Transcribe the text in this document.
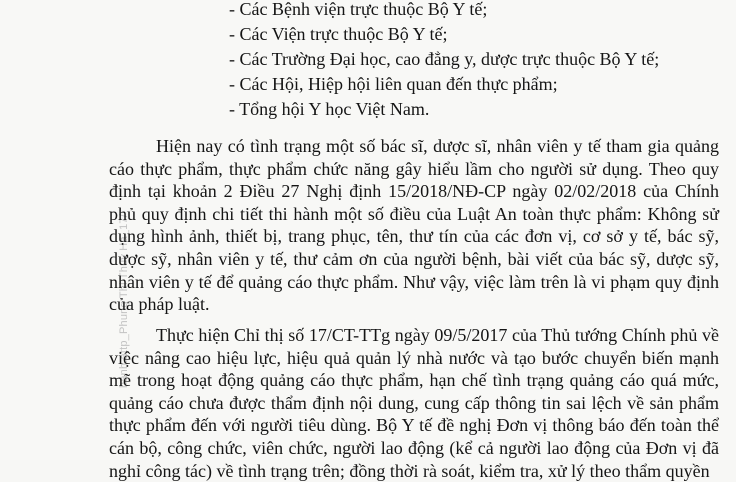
hanh.attp_Phung Thi Thuy Ha_17/
- Các Bệnh viện trực thuộc Bộ Y tế;
- Các Viện trực thuộc Bộ Y tế;
- Các Trường Đại học, cao đẳng y, dược trực thuộc Bộ Y tế;
- Các Hội, Hiệp hội liên quan đến thực phẩm;
- Tổng hội Y học Việt Nam.
Hiện nay có tình trạng một số bác sĩ, dược sĩ, nhân viên y tế tham gia quảng cáo thực phẩm, thực phẩm chức năng gây hiểu lầm cho người sử dụng. Theo quy định tại khoản 2 Điều 27 Nghị định 15/2018/NĐ-CP ngày 02/02/2018 của Chính phủ quy định chi tiết thi hành một số điều của Luật An toàn thực phẩm: Không sử dụng hình ảnh, thiết bị, trang phục, tên, thư tín của các đơn vị, cơ sở y tế, bác sỹ, dược sỹ, nhân viên y tế, thư cảm ơn của người bệnh, bài viết của bác sỹ, dược sỹ, nhân viên y tế để quảng cáo thực phẩm. Như vậy, việc làm trên là vi phạm quy định của pháp luật.
Thực hiện Chỉ thị số 17/CT-TTg ngày 09/5/2017 của Thủ tướng Chính phủ về việc nâng cao hiệu lực, hiệu quả quản lý nhà nước và tạo bước chuyển biến mạnh mẽ trong hoạt động quảng cáo thực phẩm, hạn chế tình trạng quảng cáo quá mức, quảng cáo chưa được thẩm định nội dung, cung cấp thông tin sai lệch về sản phẩm thực phẩm đến với người tiêu dùng. Bộ Y tế đề nghị Đơn vị thông báo đến toàn thể cán bộ, công chức, viên chức, người lao động (kể cả người lao động của Đơn vị đã nghỉ công tác) về tình trạng trên; đồng thời rà soát, kiểm tra, xử lý theo thẩm quyền
